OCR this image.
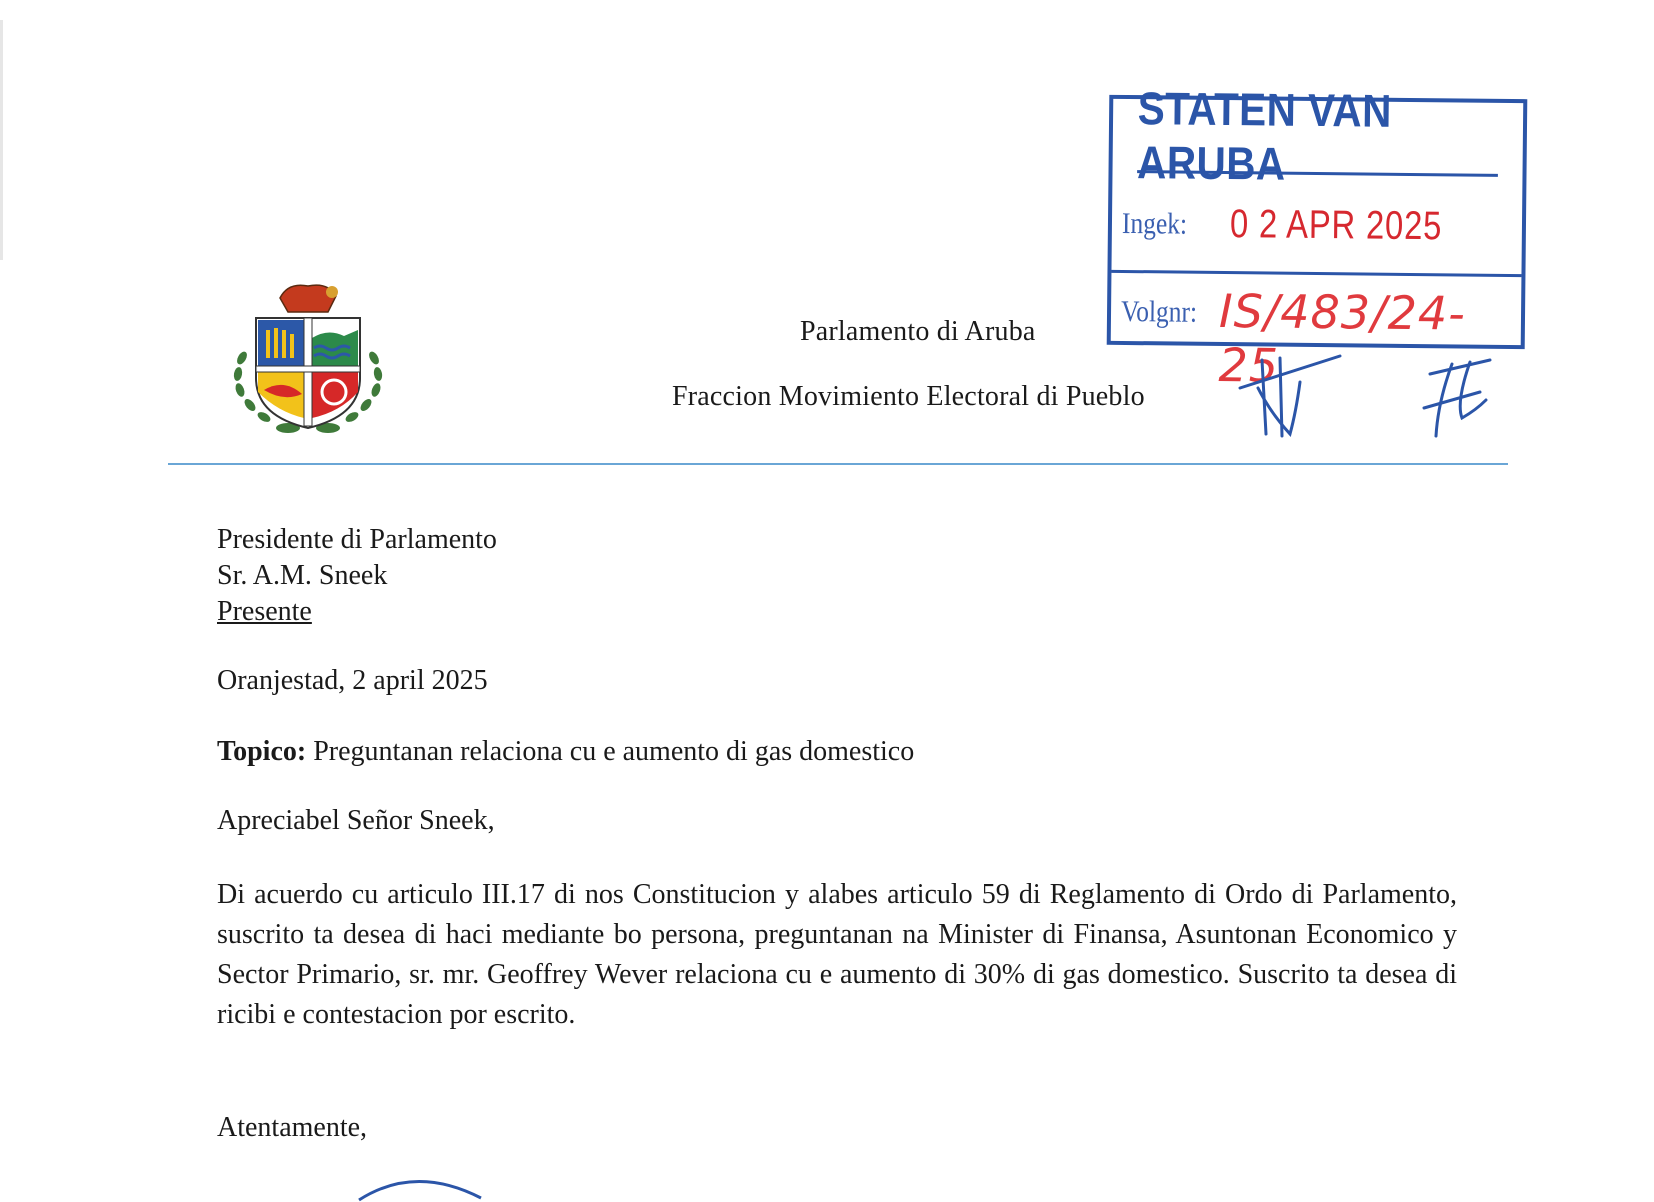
Parlamento di Aruba
Fraccion Movimiento Electoral di Pueblo
STATEN VAN ARUBA
Ingek: 0 2 APR 2025
Volgnr: IS/483/24-25
Presidente di Parlamento
Sr. A.M. Sneek
Presente
Oranjestad, 2 april 2025
Topico: Preguntanan relaciona cu e aumento di gas domestico
Apreciabel Señor Sneek,
Di acuerdo cu articulo III.17 di nos Constitucion y alabes articulo 59 di Reglamento di Ordo di Parlamento, suscrito ta desea di haci mediante bo persona, preguntanan na Minister di Finansa, Asuntonan Economico y Sector Primario, sr. mr. Geoffrey Wever relaciona cu e aumento di 30% di gas domestico. Suscrito ta desea di ricibi e contestacion por escrito.
Atentamente,
